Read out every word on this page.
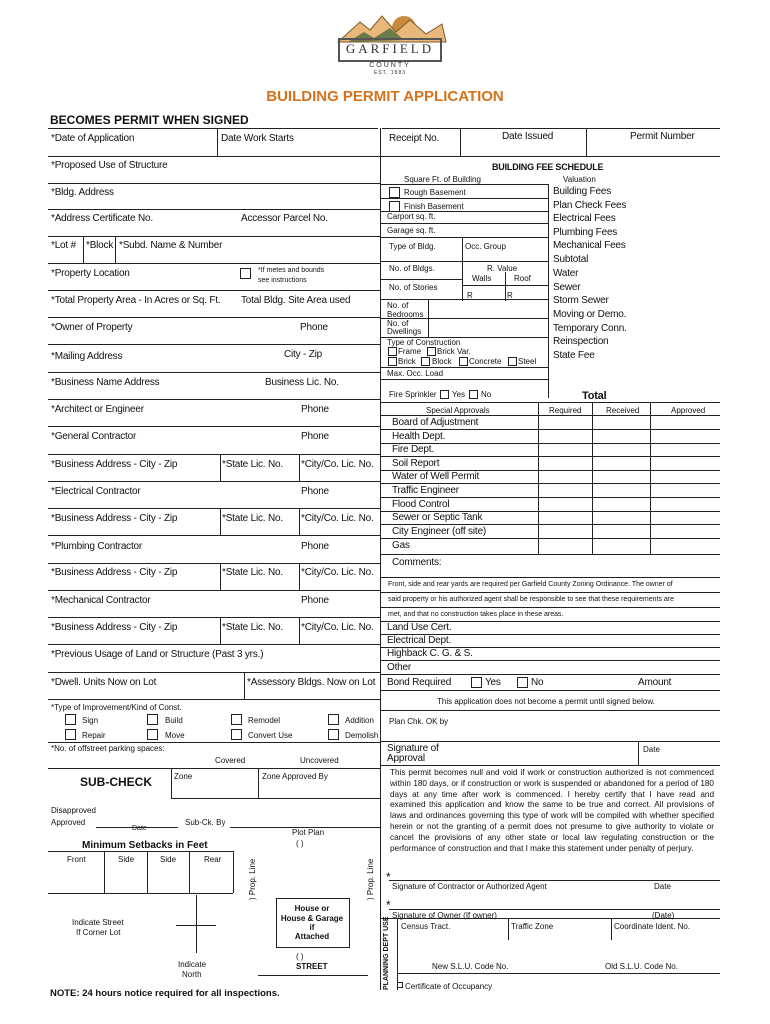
GARFIELD
COUNTY
EST. 1883
BUILDING PERMIT APPLICATION
BECOMES PERMIT WHEN SIGNED
*Date of Application	Date Work Starts
*Proposed Use of Structure
*Bldg. Address
*Address Certificate No.	Accessor Parcel No.
*Lot # *Block *Subd. Name & Number
*Property Location	*If metes and bounds
see instructions
*Total Property Area - In Acres or Sq. Ft. Total Bldg. Site Area used
*Owner of Property	Phone
*Mailing Address	City - Zip
*Business Name Address	Business Lic. No.
*Architect or Engineer	Phone
*General Contractor	Phone
*Business Address - City - Zip	*State Lic. No. *City/Co. Lic. No.
*Electrical Contractor	Phone
*Business Address - City - Zip	*State Lic. No. *City/Co. Lic. No.
*Plumbing Contractor	Phone
*Business Address - City - Zip	*State Lic. No. *City/Co. Lic. No.
*Mechanical Contractor	Phone
*Business Address - City - Zip	*State Lic. No. *City/Co. Lic. No.
*Previous Usage of Land or Structure (Past 3 yrs.)
*Dwell. Units Now on Lot	*Assessory Bldgs. Now on Lot
*Type of Improvement/Kind of Const.
Sign	Build	Remodel	Addition
Repair	Move	Convert Use	Demolish
*No. of offstreet parking spaces:
Covered	Uncovered
SUB-CHECK	Zone	Zone Approved By
Disapproved
Approved	Sub-Ck. By
Date	Plot Plan
( )
Minimum Setbacks in Feet
Front	Side	Side	Rear	) Prop. Line	) Prop. Line
House or
House & Garage
if
Attached
( )
STREET
Indicate Street
If Corner Lot
Indicate
North
NOTE: 24 hours notice required for all inspections.
Receipt No.	Date Issued	Permit Number
BUILDING FEE SCHEDULE
Square Ft. of Building	Valuation
Rough Basement
Finish Basement
Carport sq. ft.
Garage sq. ft.
Type of Bldg.	Occ. Group
No. of Bldgs.	R. Value
Walls	Roof
No. of Stories
R	R
No. of
Bedrooms
No. of
Dwellings
Type of Construction
Frame Brick Var.
Brick Block Concrete Steel
Max. Occ. Load
Fire Sprinkler Yes No
Building Fees
Plan Check Fees
Electrical Fees
Plumbing Fees
Mechanical Fees
Subtotal
Water
Sewer
Storm Sewer
Moving or Demo.
Temporary Conn.
Reinspection
State Fee
Total
Special Approvals	Required	Received	Approved
Board of Adjustment
Health Dept.
Fire Dept.
Soil Report
Water of Well Permit
Traffic Engineer
Flood Control
Sewer or Septic Tank
City Engineer (off site)
Gas
Comments:
Front, side and rear yards are required per Garfield County Zoning Ordinance. The owner of
said property or his authorized agent shall be responsible to see that these requirements are
met, and that no construction takes place in these areas.
Land Use Cert.
Electrical Dept.
Highback C. G. & S.
Other
Bond Required	Yes	No	Amount
This application does not become a permit until signed below.
Plan Chk. OK by
Signature of
Approval
Date
This permit becomes null and void if work or construction authorized is not commenced within 180 days, or if construction or work is suspended or abandoned for a period of 180 days at any time after work is commenced. I hereby certify that I have read and examined this application and know the same to be true and correct. All provisions of laws and ordinances governing this type of work will be compiled with whether specified herein or not the granting of a permit does not presume to give authority to violate or cancel the provisions of any other state or local law regulating construction or the performance of construction and that I make this statement under penalty of perjury.
*
Signature of Contractor or Authorized Agent	Date
*
Signature of Owner (If owner)	(Date)
PLANNING DEPT USE Census Tract.	Traffic Zone	Coordinate Ident. No.
New S.L.U. Code No.	Old S.L.U. Code No.
Certificate of Occupancy
